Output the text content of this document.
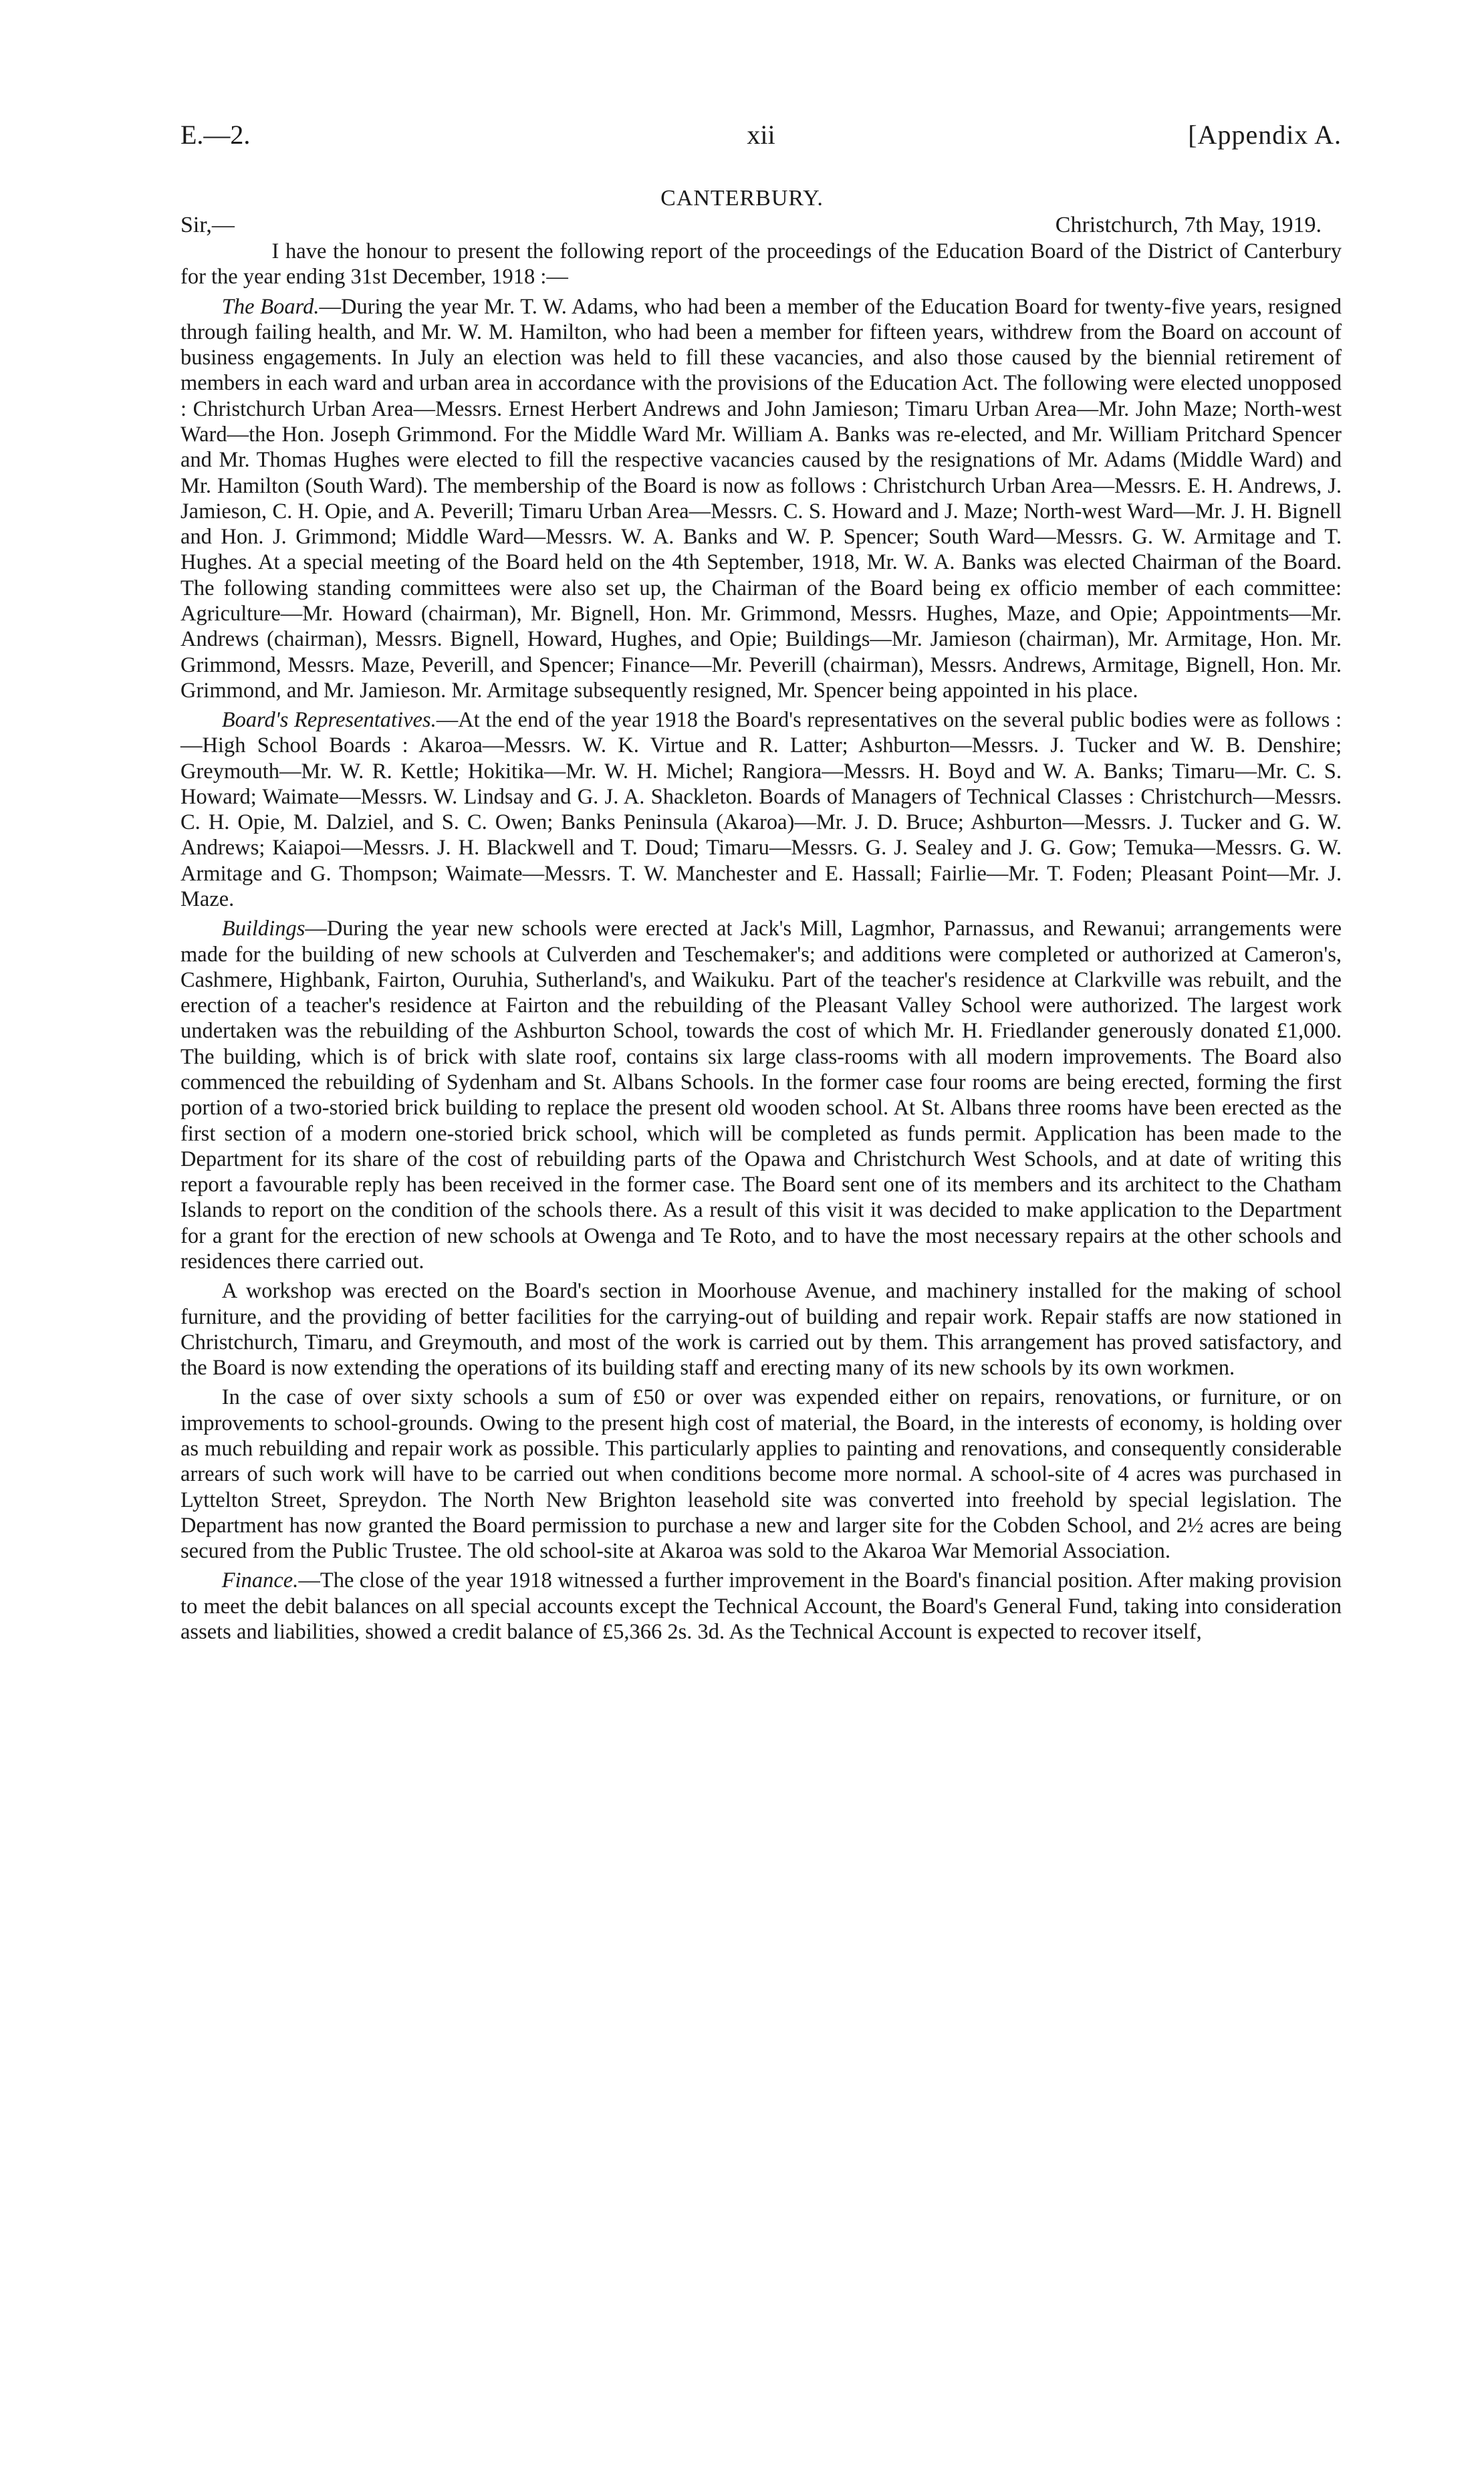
E.—2.	xii	[Appendix A.
CANTERBURY.
Sir,—	Christchurch, 7th May, 1919.

I have the honour to present the following report of the proceedings of the Education Board of the District of Canterbury for the year ending 31st December, 1918 :—

The Board.—During the year Mr. T. W. Adams, who had been a member of the Education Board for twenty-five years, resigned through failing health, and Mr. W. M. Hamilton, who had been a member for fifteen years, withdrew from the Board on account of business engagements. In July an election was held to fill these vacancies, and also those caused by the biennial retirement of members in each ward and urban area in accordance with the provisions of the Education Act. The following were elected unopposed : Christchurch Urban Area—Messrs. Ernest Herbert Andrews and John Jamieson; Timaru Urban Area—Mr. John Maze; North-west Ward—the Hon. Joseph Grimmond. For the Middle Ward Mr. William A. Banks was re-elected, and Mr. William Pritchard Spencer and Mr. Thomas Hughes were elected to fill the respective vacancies caused by the resignations of Mr. Adams (Middle Ward) and Mr. Hamilton (South Ward). The membership of the Board is now as follows : Christchurch Urban Area—Messrs. E. H. Andrews, J. Jamieson, C. H. Opie, and A. Peverill; Timaru Urban Area—Messrs. C. S. Howard and J. Maze; North-west Ward—Mr. J. H. Bignell and Hon. J. Grimmond; Middle Ward—Messrs. W. A. Banks and W. P. Spencer; South Ward—Messrs. G. W. Armitage and T. Hughes. At a special meeting of the Board held on the 4th September, 1918, Mr. W. A. Banks was elected Chairman of the Board. The following standing committees were also set up, the Chairman of the Board being ex officio member of each committee: Agriculture—Mr. Howard (chairman), Mr. Bignell, Hon. Mr. Grimmond, Messrs. Hughes, Maze, and Opie; Appointments—Mr. Andrews (chairman), Messrs. Bignell, Howard, Hughes, and Opie; Buildings—Mr. Jamieson (chairman), Mr. Armitage, Hon. Mr. Grimmond, Messrs. Maze, Peverill, and Spencer; Finance—Mr. Peverill (chairman), Messrs. Andrews, Armitage, Bignell, Hon. Mr. Grimmond, and Mr. Jamieson. Mr. Armitage subsequently resigned, Mr. Spencer being appointed in his place.

Board's Representatives.—At the end of the year 1918 the Board's representatives on the several public bodies were as follows :—High School Boards : Akaroa—Messrs. W. K. Virtue and R. Latter; Ashburton—Messrs. J. Tucker and W. B. Denshire; Greymouth—Mr. W. R. Kettle; Hokitika—Mr. W. H. Michel; Rangiora—Messrs. H. Boyd and W. A. Banks; Timaru—Mr. C. S. Howard; Waimate—Messrs. W. Lindsay and G. J. A. Shackleton. Boards of Managers of Technical Classes : Christchurch—Messrs. C. H. Opie, M. Dalziel, and S. C. Owen; Banks Peninsula (Akaroa)—Mr. J. D. Bruce; Ashburton—Messrs. J. Tucker and G. W. Andrews; Kaiapoi—Messrs. J. H. Blackwell and T. Doud; Timaru—Messrs. G. J. Sealey and J. G. Gow; Temuka—Messrs. G. W. Armitage and G. Thompson; Waimate—Messrs. T. W. Manchester and E. Hassall; Fairlie—Mr. T. Foden; Pleasant Point—Mr. J. Maze.

Buildings—During the year new schools were erected at Jack's Mill, Lagmhor, Parnassus, and Rewanui; arrangements were made for the building of new schools at Culverden and Teschemaker's; and additions were completed or authorized at Cameron's, Cashmere, Highbank, Fairton, Ouruhia, Sutherland's, and Waikuku. Part of the teacher's residence at Clarkville was rebuilt, and the erection of a teacher's residence at Fairton and the rebuilding of the Pleasant Valley School were authorized. The largest work undertaken was the rebuilding of the Ashburton School, towards the cost of which Mr. H. Friedlander generously donated £1,000. The building, which is of brick with slate roof, contains six large class-rooms with all modern improvements. The Board also commenced the rebuilding of Sydenham and St. Albans Schools. In the former case four rooms are being erected, forming the first portion of a two-storied brick building to replace the present old wooden school. At St. Albans three rooms have been erected as the first section of a modern one-storied brick school, which will be completed as funds permit. Application has been made to the Department for its share of the cost of rebuilding parts of the Opawa and Christchurch West Schools, and at date of writing this report a favourable reply has been received in the former case. The Board sent one of its members and its architect to the Chatham Islands to report on the condition of the schools there. As a result of this visit it was decided to make application to the Department for a grant for the erection of new schools at Owenga and Te Roto, and to have the most necessary repairs at the other schools and residences there carried out.

A workshop was erected on the Board's section in Moorhouse Avenue, and machinery installed for the making of school furniture, and the providing of better facilities for the carrying-out of building and repair work. Repair staffs are now stationed in Christchurch, Timaru, and Greymouth, and most of the work is carried out by them. This arrangement has proved satisfactory, and the Board is now extending the operations of its building staff and erecting many of its new schools by its own workmen.

In the case of over sixty schools a sum of £50 or over was expended either on repairs, renovations, or furniture, or on improvements to school-grounds. Owing to the present high cost of material, the Board, in the interests of economy, is holding over as much rebuilding and repair work as possible. This particularly applies to painting and renovations, and consequently considerable arrears of such work will have to be carried out when conditions become more normal. A school-site of 4 acres was purchased in Lyttelton Street, Spreydon. The North New Brighton leasehold site was converted into freehold by special legislation. The Department has now granted the Board permission to purchase a new and larger site for the Cobden School, and 2½ acres are being secured from the Public Trustee. The old school-site at Akaroa was sold to the Akaroa War Memorial Association.

Finance.—The close of the year 1918 witnessed a further improvement in the Board's financial position. After making provision to meet the debit balances on all special accounts except the Technical Account, the Board's General Fund, taking into consideration assets and liabilities, showed a credit balance of £5,366 2s. 3d. As the Technical Account is expected to recover itself,
